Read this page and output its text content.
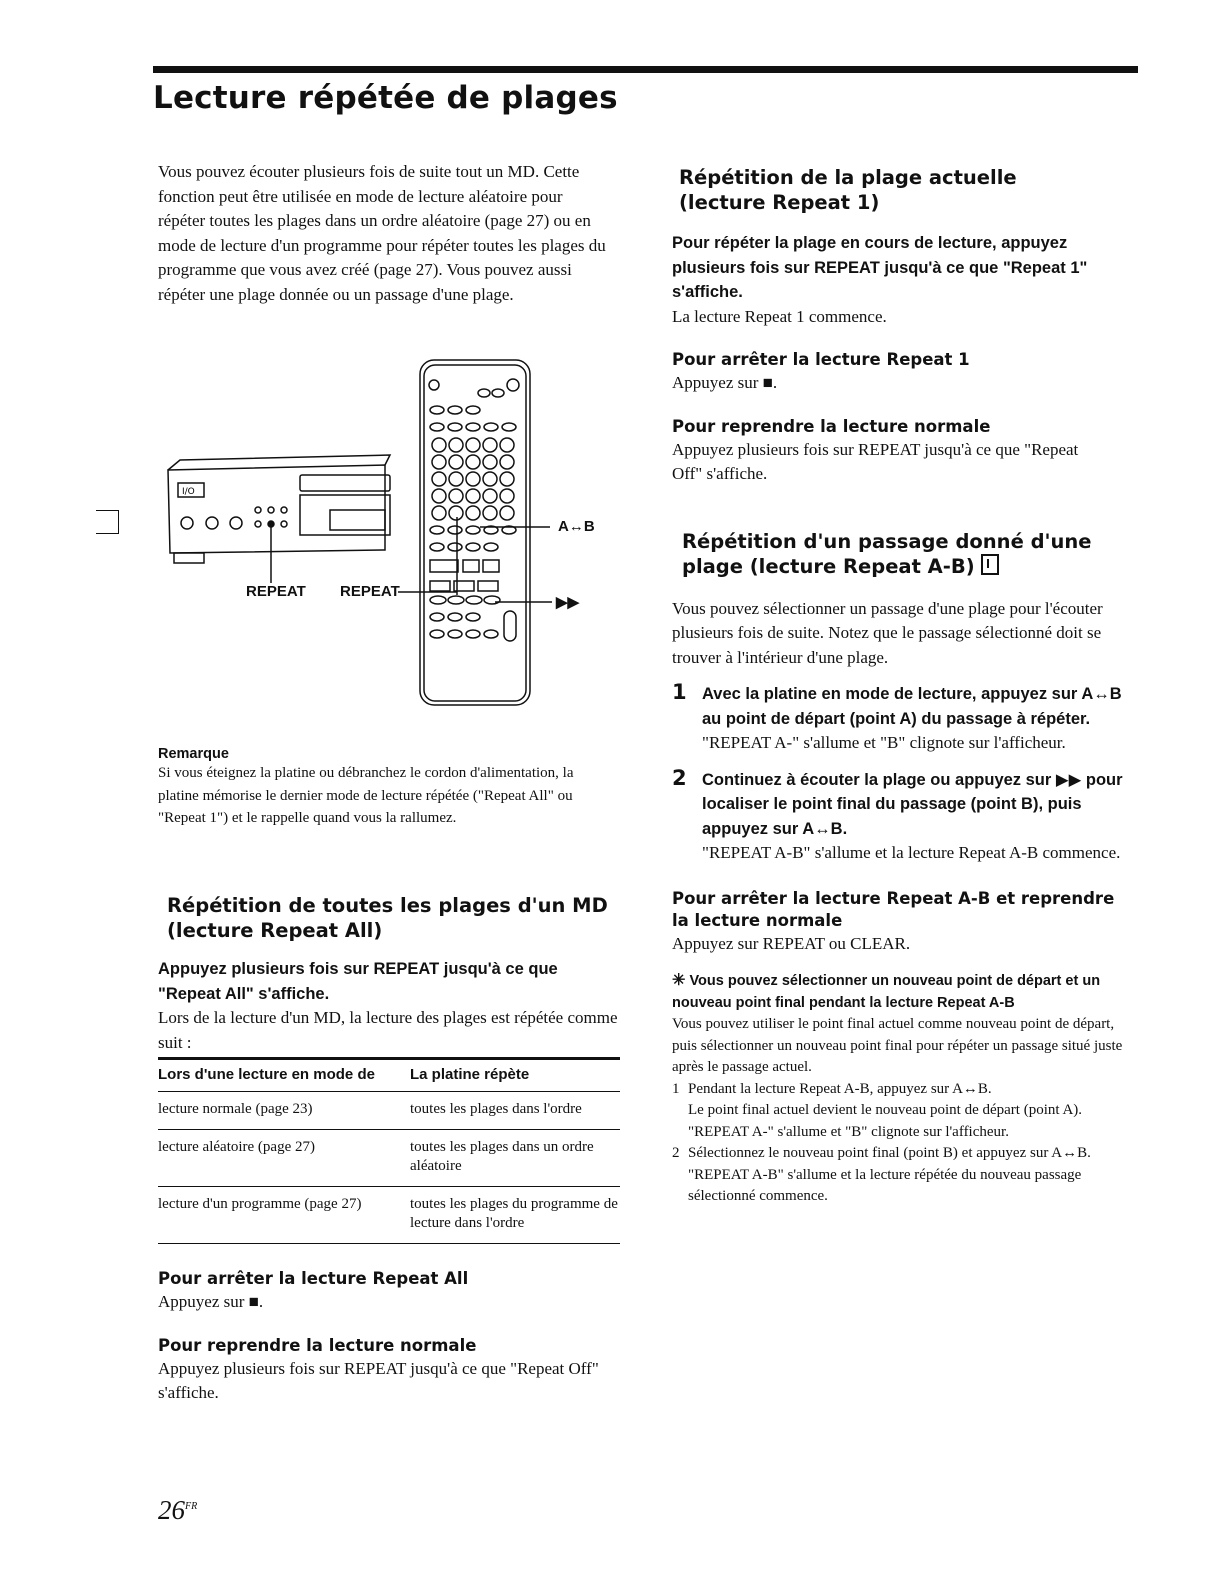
Lecture répétée de plages

Vous pouvez écouter plusieurs fois de suite tout un MD. Cette fonction peut être utilisée en mode de lecture aléatoire pour répéter toutes les plages dans un ordre aléatoire (page 27) ou en mode de lecture d'un programme pour répéter toutes les plages du programme que vous avez créé (page 27). Vous pouvez aussi répéter une plage donnée ou un passage d'une plage.

I/O
REPEAT REPEAT
A↔B
▶▶

Remarque

Si vous éteignez la platine ou débranchez le cordon d'alimentation, la platine mémorise le dernier mode de lecture répétée ("Repeat All" ou "Repeat 1") et le rappelle quand vous la rallumez.

Répétition de toutes les plages d'un MD (lecture Repeat All)

Appuyez plusieurs fois sur REPEAT jusqu'à ce que "Repeat All" s'affiche.

Lors de la lecture d'un MD, la lecture des plages est répétée comme suit :

Lors d'une lecture en mode de	La platine répète
lecture normale (page 23)	toutes les plages dans l'ordre
lecture aléatoire (page 27)	toutes les plages dans un ordre aléatoire
lecture d'un programme (page 27)	toutes les plages du programme de lecture dans l'ordre

Pour arrêter la lecture Repeat All

Appuyez sur ■.

Pour reprendre la lecture normale

Appuyez plusieurs fois sur REPEAT jusqu'à ce que "Repeat Off" s'affiche.

Répétition de la plage actuelle (lecture Repeat 1)

Pour répéter la plage en cours de lecture, appuyez plusieurs fois sur REPEAT jusqu'à ce que "Repeat 1" s'affiche.

La lecture Repeat 1 commence.

Pour arrêter la lecture Repeat 1

Appuyez sur ■.

Pour reprendre la lecture normale

Appuyez plusieurs fois sur REPEAT jusqu'à ce que "Repeat Off" s'affiche.

Répétition d'un passage donné d'une plage (lecture Repeat A-B)

Vous pouvez sélectionner un passage d'une plage pour l'écouter plusieurs fois de suite. Notez que le passage sélectionné doit se trouver à l'intérieur d'une plage.

1 Avec la platine en mode de lecture, appuyez sur A↔B au point de départ (point A) du passage à répéter.

"REPEAT A-" s'allume et "B" clignote sur l'afficheur.

2 Continuez à écouter la plage ou appuyez sur ▶▶ pour localiser le point final du passage (point B), puis appuyez sur A↔B.

"REPEAT A-B" s'allume et la lecture Repeat A-B commence.

Pour arrêter la lecture Repeat A-B et reprendre la lecture normale

Appuyez sur REPEAT ou CLEAR.

✳ Vous pouvez sélectionner un nouveau point de départ et un nouveau point final pendant la lecture Repeat A-B

Vous pouvez utiliser le point final actuel comme nouveau point de départ, puis sélectionner un nouveau point final pour répéter un passage situé juste après le passage actuel.

1 Pendant la lecture Repeat A-B, appuyez sur A↔B.

Le point final actuel devient le nouveau point de départ (point A).

"REPEAT A-" s'allume et "B" clignote sur l'afficheur.

2 Sélectionnez le nouveau point final (point B) et appuyez sur A↔B.

"REPEAT A-B" s'allume et la lecture répétée du nouveau passage sélectionné commence.

$26^{FR}$
